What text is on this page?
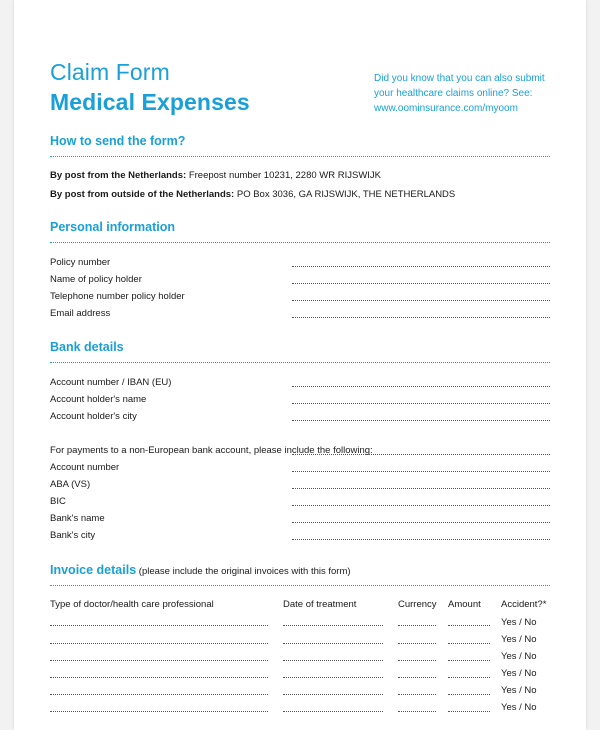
Claim Form
Medical Expenses
Did you know that you can also submit
your healthcare claims online? See:
www.oominsurance.com/myoom
How to send the form?
By post from the Netherlands: Freepost number 10231, 2280 WR RIJSWIJK
By post from outside of the Netherlands: PO Box 3036, GA RIJSWIJK, THE NETHERLANDS
Personal information
Policy number
Name of policy holder
Telephone number policy holder
Email address
Bank details
Account number / IBAN (EU)
Account holder's name
Account holder's city
For payments to a non-European bank account, please include the following:
Account number
ABA (VS)
BIC
Bank's name
Bank's city
Invoice details (please include the original invoices with this form)
Type of doctor/health care professional	Date of treatment	Currency Amount Accident?*
Yes / No
Yes / No
Yes / No
Yes / No
Yes / No
Yes / No
